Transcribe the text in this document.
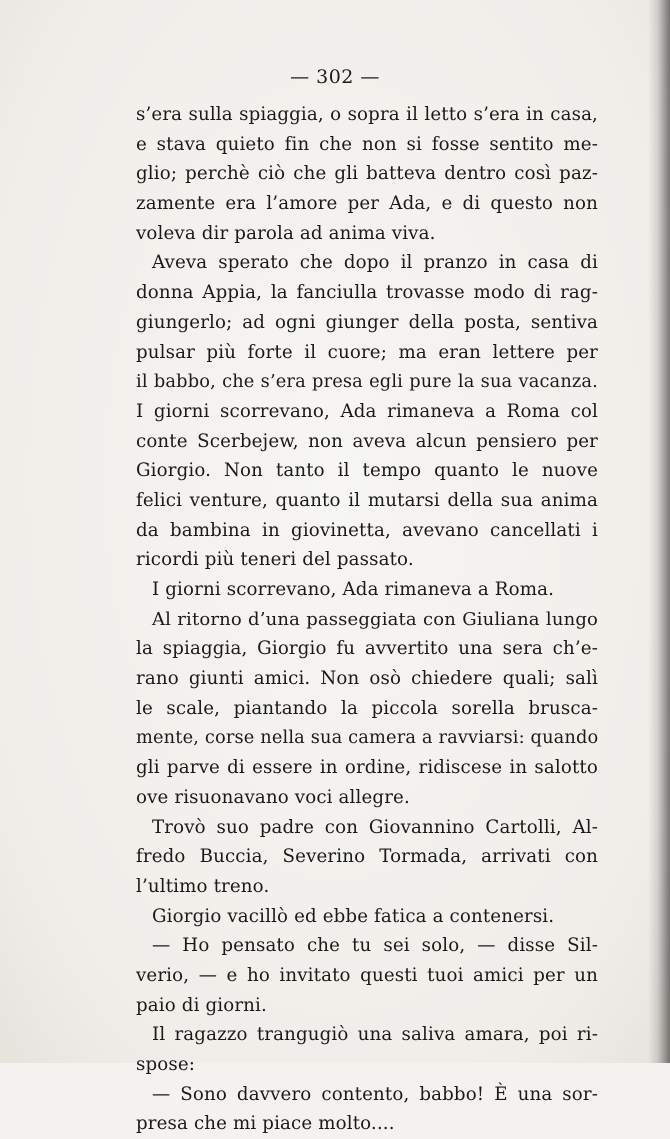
— 302 —
s’era sulla spiaggia, o sopra il letto s’era in casa,
e stava quieto fin che non si fosse sentito me-
glio; perchè ciò che gli batteva dentro così paz-
zamente era l’amore per Ada, e di questo non
voleva dir parola ad anima viva.
Aveva sperato che dopo il pranzo in casa di
donna Appia, la fanciulla trovasse modo di rag-
giungerlo; ad ogni giunger della posta, sentiva
pulsar più forte il cuore; ma eran lettere per
il babbo, che s’era presa egli pure la sua vacanza.
I giorni scorrevano, Ada rimaneva a Roma col
conte Scerbejew, non aveva alcun pensiero per
Giorgio. Non tanto il tempo quanto le nuove
felici venture, quanto il mutarsi della sua anima
da bambina in giovinetta, avevano cancellati i
ricordi più teneri del passato.
I giorni scorrevano, Ada rimaneva a Roma.
Al ritorno d’una passeggiata con Giuliana lungo
la spiaggia, Giorgio fu avvertito una sera ch’e-
rano giunti amici. Non osò chiedere quali; salì
le scale, piantando la piccola sorella brusca-
mente, corse nella sua camera a ravviarsi: quando
gli parve di essere in ordine, ridiscese in salotto
ove risuonavano voci allegre.
Trovò suo padre con Giovannino Cartolli, Al-
fredo Buccia, Severino Tormada, arrivati con
l’ultimo treno.
Giorgio vacillò ed ebbe fatica a contenersi.
— Ho pensato che tu sei solo, — disse Sil-
verio, — e ho invitato questi tuoi amici per un
paio di giorni.
Il ragazzo trangugiò una saliva amara, poi ri-
spose:
— Sono davvero contento, babbo! È una sor-
presa che mi piace molto....
